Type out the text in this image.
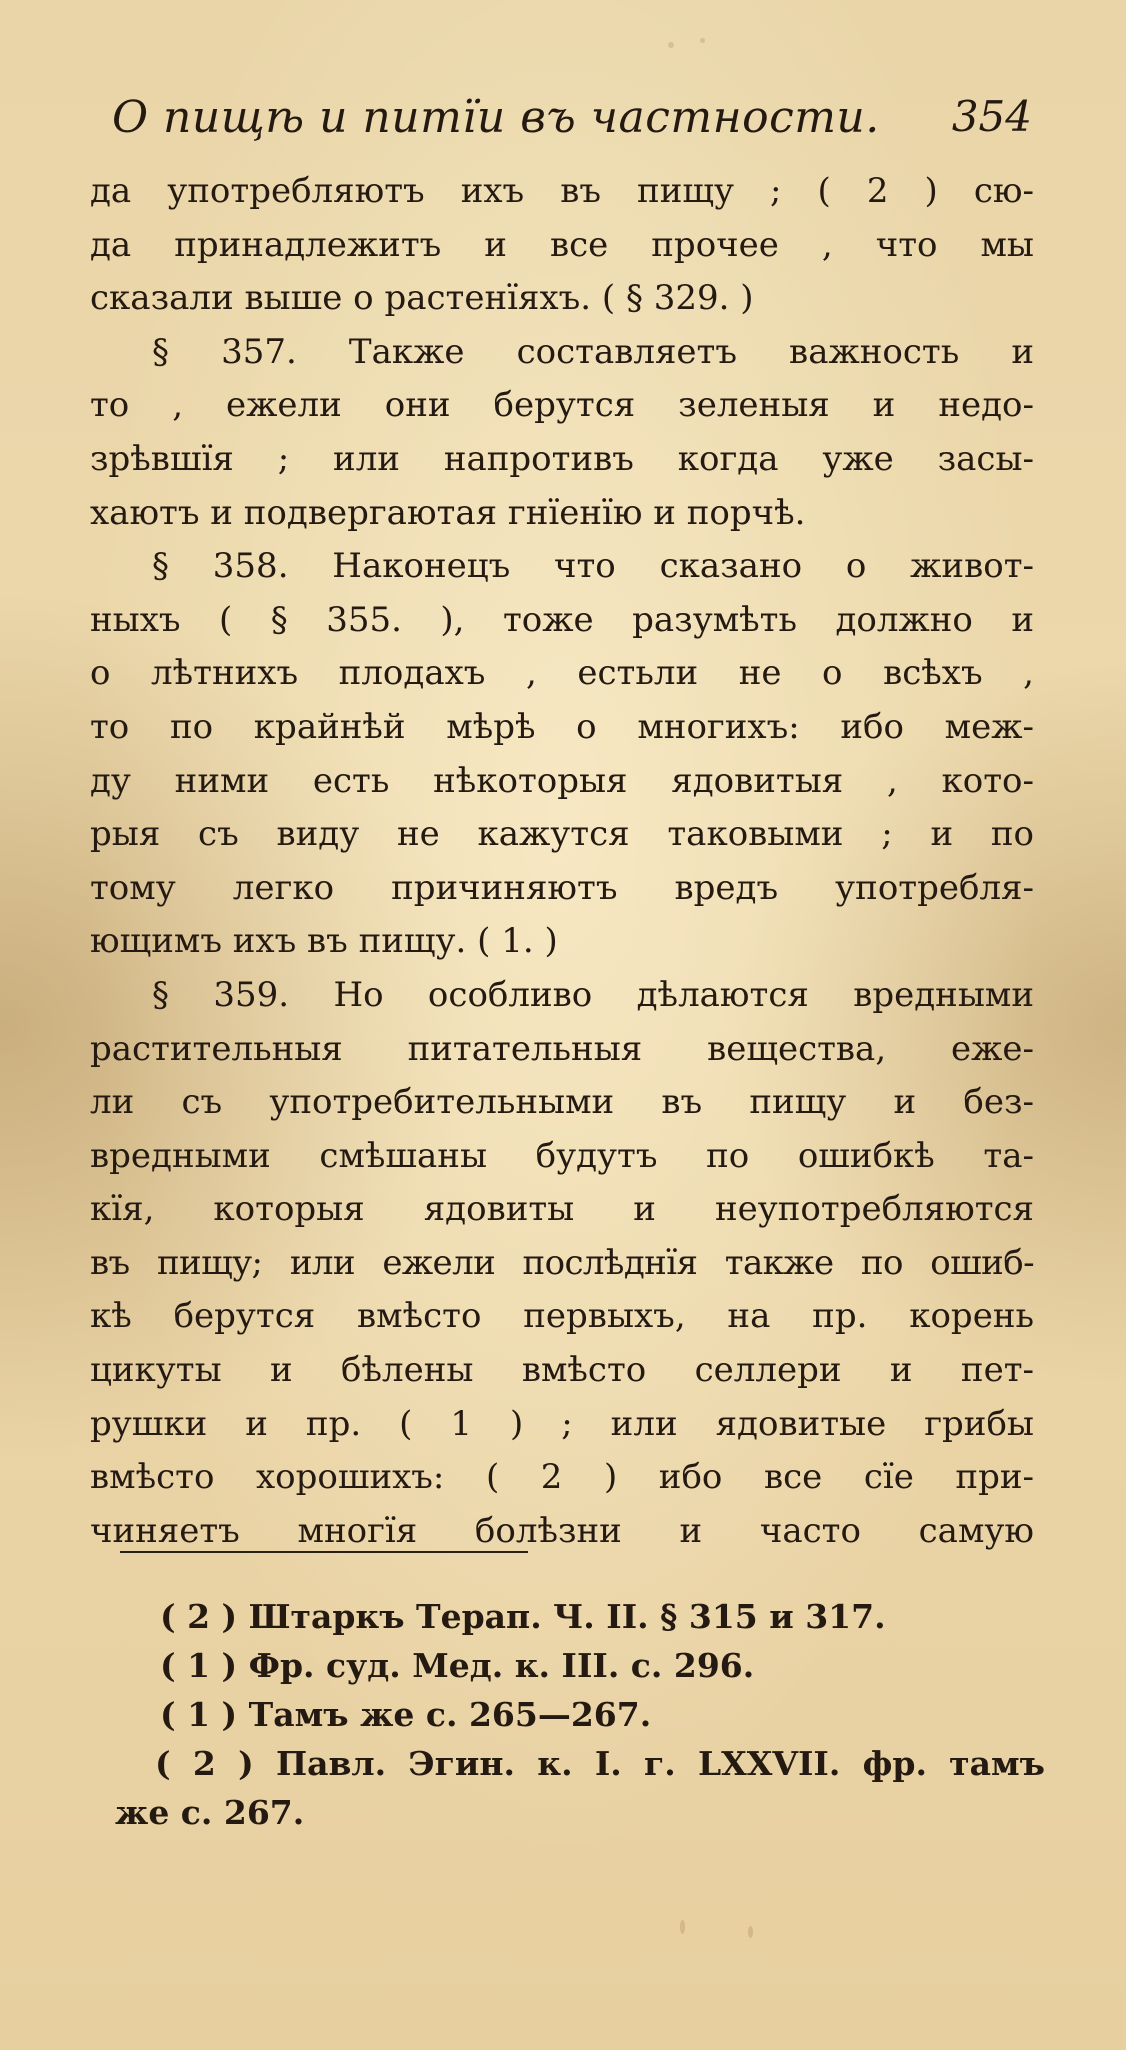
О пищѣ и питїи въ частности. 354
да употребляютъ ихъ въ пищу ; ( 2 ) сю-
да принадлежитъ и все прочее , что мы
сказали выше о растенїяхъ. ( § 329. )
§ 357. Также составляетъ важность и
то , ежели они берутся зеленыя и недо-
зрѣвшїя ; или напротивъ когда уже засы-
хаютъ и подвергаютая гнїенїю и порчѣ.
§ 358. Наконецъ что сказано о живот-
ныхъ ( § 355. ), тоже разумѣть должно и
о лѣтнихъ плодахъ , естьли не о всѣхъ ,
то по крайнѣй мѣрѣ о многихъ: ибо меж-
ду ними есть нѣкоторыя ядовитыя , кото-
рыя съ виду не кажутся таковыми ; и по
тому легко причиняютъ вредъ употребля-
ющимъ ихъ въ пищу. ( 1. )
§ 359. Но особливо дѣлаются вредными
растительныя питательныя вещества, еже-
ли съ употребительными въ пищу и без-
вредными смѣшаны будутъ по ошибкѣ та-
кїя, которыя ядовиты и неупотребляются
въ пищу; или ежели послѣднїя также по ошиб-
кѣ берутся вмѣсто первыхъ, на пр. корень
цикуты и бѣлены вмѣсто селлери и пет-
рушки и пр. ( 1 ) ; или ядовитые грибы
вмѣсто хорошихъ: ( 2 ) ибо все сїе при-
чиняетъ многїя болѣзни и часто самую
( 2 ) Штаркъ Терап. Ч. II. § 315 и 317.
( 1 ) Фр. суд. Мед. к. III. с. 296.
( 1 ) Тамъ же с. 265—267.
( 2 ) Павл. Эгин. к. I. г. LXXVII. фр. тамъ
же с. 267.
